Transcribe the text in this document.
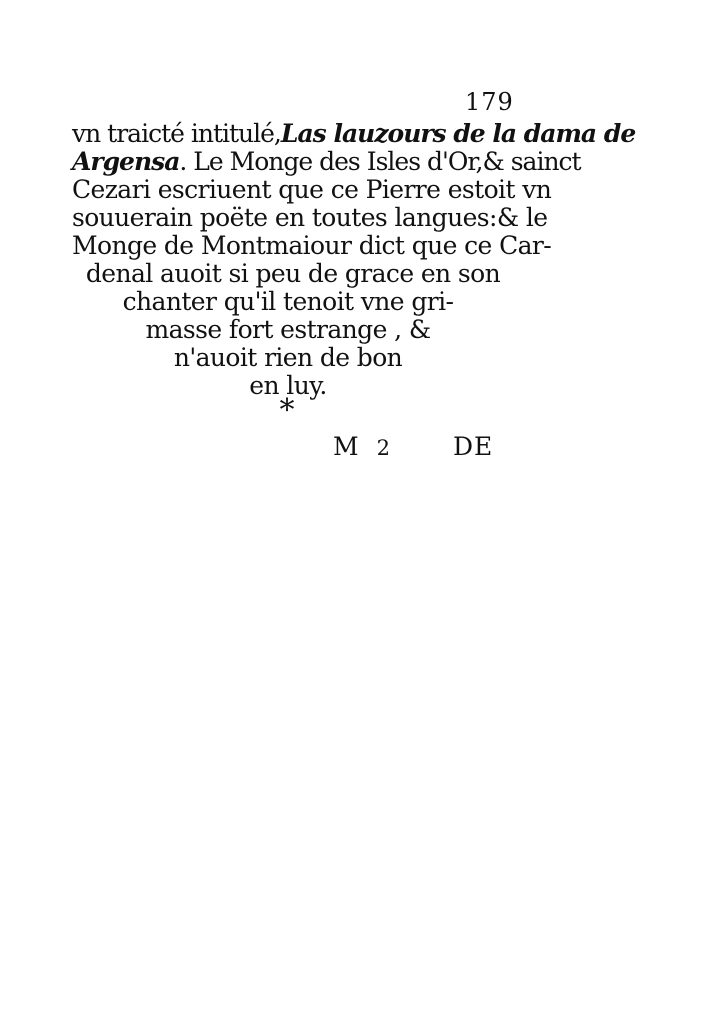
179
vn traicté intitulé,Las lauzours de la dama de
Argensa. Le Monge des Isles d'Or,& sainct
Cezari escriuent que ce Pierre estoit vn
souuerain poëte en toutes langues:& le
Monge de Montmaiour dict que ce Car-
denal auoit si peu de grace en son
chanter qu'il tenoit vne gri-
masse fort estrange , &
n'auoit rien de bon
en luy.
*
M 2 DE
